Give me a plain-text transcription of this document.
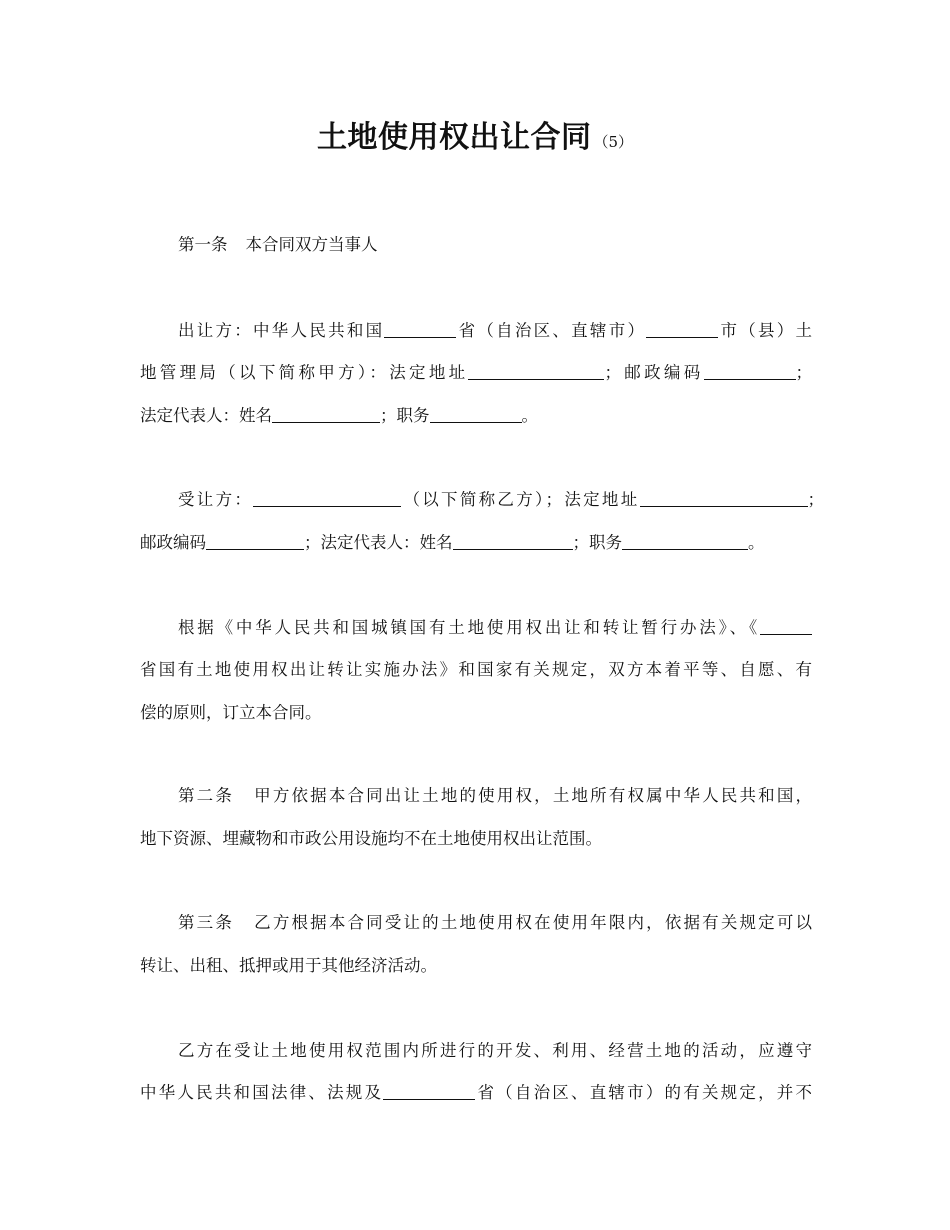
土地使用权出让合同 （5）
第一条 本合同双方当事人
出让方：中华人民共和国	省（自治区、直辖市）	市（县）土
地管理局（以下简称甲方）：法定地址	；邮政编码	；
法定代表人：姓名	；职务	。
受让方：	（以下简称乙方）；法定地址	；
邮政编码	；法定代表人：姓名	；职务	。
根据《中华人民共和国城镇国有土地使用权出让和转让暂行办法》、《
省国有土地使用权出让转让实施办法》和国家有关规定，双方本着平等、自愿、有
偿的原则，订立本合同。
第二条 甲方依据本合同出让土地的使用权，土地所有权属中华人民共和国，
地下资源、埋藏物和市政公用设施均不在土地使用权出让范围。
第三条 乙方根据本合同受让的土地使用权在使用年限内，依据有关规定可以
转让、出租、抵押或用于其他经济活动。
乙方在受让土地使用权范围内所进行的开发、利用、经营土地的活动，应遵守
中华人民共和国法律、法规及	省（自治区、直辖市）的有关规定，并不
